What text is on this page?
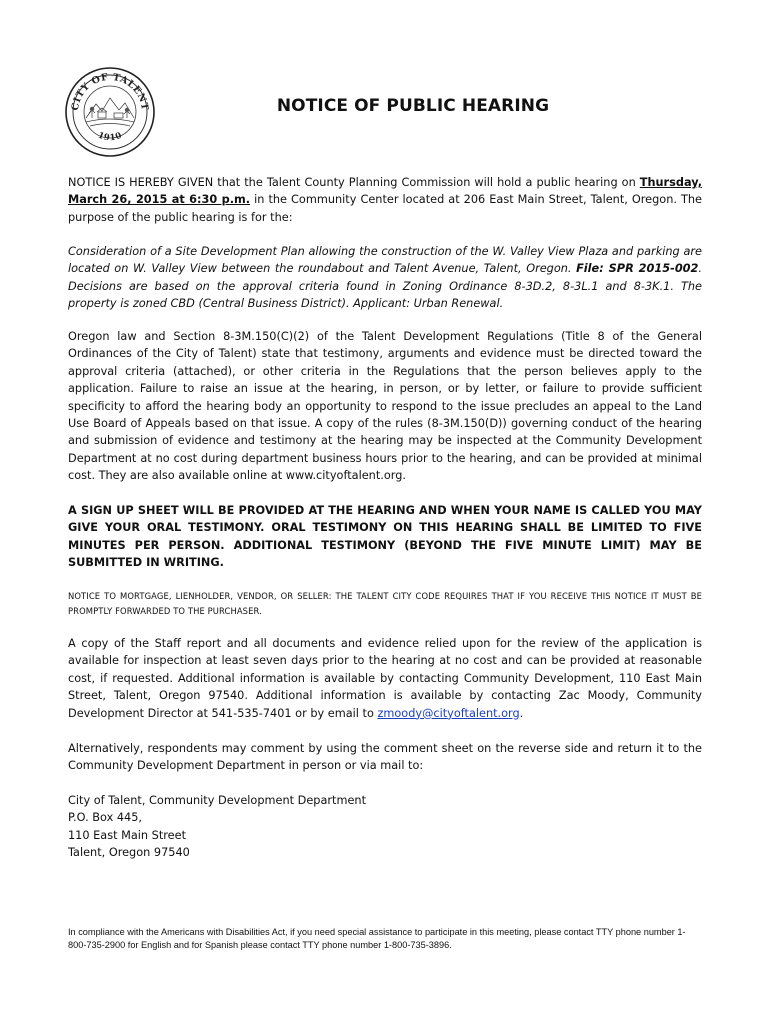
CITY OF TALENT
1910
NOTICE OF PUBLIC HEARING

NOTICE IS HEREBY GIVEN that the Talent County Planning Commission will hold a public hearing on Thursday, March 26, 2015 at 6:30 p.m. in the Community Center located at 206 East Main Street, Talent, Oregon. The purpose of the public hearing is for the:

Consideration of a Site Development Plan allowing the construction of the W. Valley View Plaza and parking are located on W. Valley View between the roundabout and Talent Avenue, Talent, Oregon. File: SPR 2015-002. Decisions are based on the approval criteria found in Zoning Ordinance 8-3D.2, 8-3L.1 and 8-3K.1. The property is zoned CBD (Central Business District). Applicant: Urban Renewal.

Oregon law and Section 8-3M.150(C)(2) of the Talent Development Regulations (Title 8 of the General Ordinances of the City of Talent) state that testimony, arguments and evidence must be directed toward the approval criteria (attached), or other criteria in the Regulations that the person believes apply to the application. Failure to raise an issue at the hearing, in person, or by letter, or failure to provide sufficient specificity to afford the hearing body an opportunity to respond to the issue precludes an appeal to the Land Use Board of Appeals based on that issue. A copy of the rules (8-3M.150(D)) governing conduct of the hearing and submission of evidence and testimony at the hearing may be inspected at the Community Development Department at no cost during department business hours prior to the hearing, and can be provided at minimal cost. They are also available online at www.cityoftalent.org.

A SIGN UP SHEET WILL BE PROVIDED AT THE HEARING AND WHEN YOUR NAME IS CALLED YOU MAY GIVE YOUR ORAL TESTIMONY. ORAL TESTIMONY ON THIS HEARING SHALL BE LIMITED TO FIVE MINUTES PER PERSON. ADDITIONAL TESTIMONY (BEYOND THE FIVE MINUTE LIMIT) MAY BE SUBMITTED IN WRITING.

NOTICE TO MORTGAGE, LIENHOLDER, VENDOR, OR SELLER: THE TALENT CITY CODE REQUIRES THAT IF YOU RECEIVE THIS NOTICE IT MUST BE PROMPTLY FORWARDED TO THE PURCHASER.

A copy of the Staff report and all documents and evidence relied upon for the review of the application is available for inspection at least seven days prior to the hearing at no cost and can be provided at reasonable cost, if requested. Additional information is available by contacting Community Development, 110 East Main Street, Talent, Oregon 97540. Additional information is available by contacting Zac Moody, Community Development Director at 541-535-7401 or by email to zmoody@cityoftalent.org.

Alternatively, respondents may comment by using the comment sheet on the reverse side and return it to the Community Development Department in person or via mail to:

City of Talent, Community Development Department
P.O. Box 445,
110 East Main Street
Talent, Oregon 97540

In compliance with the Americans with Disabilities Act, if you need special assistance to participate in this meeting, please contact TTY phone number 1-800-735-2900 for English and for Spanish please contact TTY phone number 1-800-735-3896.
